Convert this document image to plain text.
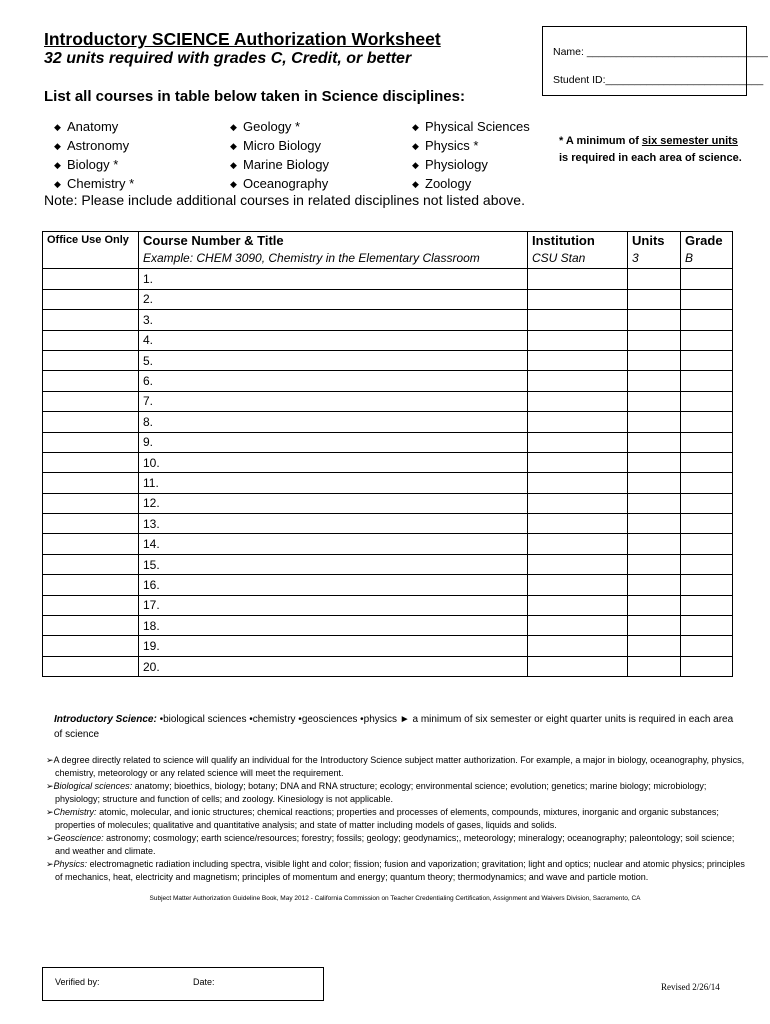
Introductory SCIENCE Authorization Worksheet
32 units required with grades C, Credit, or better
List all courses in table below taken in Science disciplines:
Name: _______________________________
Student ID:___________________________
◆ Anatomy
◆ Astronomy
◆ Biology *
◆ Chemistry *
◆ Geology *
◆ Micro Biology
◆ Marine Biology
◆ Oceanography
◆ Physical Sciences
◆ Physics *
◆ Physiology
◆ Zoology
* A minimum of six semester units is required in each area of science.
Note: Please include additional courses in related disciplines not listed above.
Office Use Only	Course Number & Title	Institution	Units	Grade
	Example: CHEM 3090, Chemistry in the Elementary Classroom	CSU Stan	3	B
	1.			
	2.			
	3.			
	4.			
	5.			
	6.			
	7.			
	8.			
	9.			
	10.			
	11.			
	12.			
	13.			
	14.			
	15.			
	16.			
	17.			
	18.			
	19.			
	20.			
Introductory Science: •biological sciences •chemistry •geosciences •physics ► a minimum of six semester or eight quarter units is required in each area of science
➢A degree directly related to science will qualify an individual for the Introductory Science subject matter authorization. For example, a major in biology, oceanography, physics, chemistry, meteorology or any related science will meet the requirement.
➢Biological sciences: anatomy; bioethics, biology; botany; DNA and RNA structure; ecology; environmental science; evolution; genetics; marine biology; microbiology; physiology; structure and function of cells; and zoology. Kinesiology is not applicable.
➢Chemistry: atomic, molecular, and ionic structures; chemical reactions; properties and processes of elements, compounds, mixtures, inorganic and organic substances; properties of molecules; qualitative and quantitative analysis; and state of matter including models of gases, liquids and solids.
➢Geoscience: astronomy; cosmology; earth science/resources; forestry; fossils; geology; geodynamics;, meteorology; mineralogy; oceanography; paleontology; soil science; and weather and climate.
➢Physics: electromagnetic radiation including spectra, visible light and color; fission; fusion and vaporization; gravitation; light and optics; nuclear and atomic physics; principles of mechanics, heat, electricity and magnetism; principles of momentum and energy; quantum theory; thermodynamics; and wave and particle motion.
Subject Matter Authorization Guideline Book, May 2012 - California Commission on Teacher Credentialing Certification, Assignment and Waivers Division, Sacramento, CA
Verified by:	Date:	Revised 2/26/14
